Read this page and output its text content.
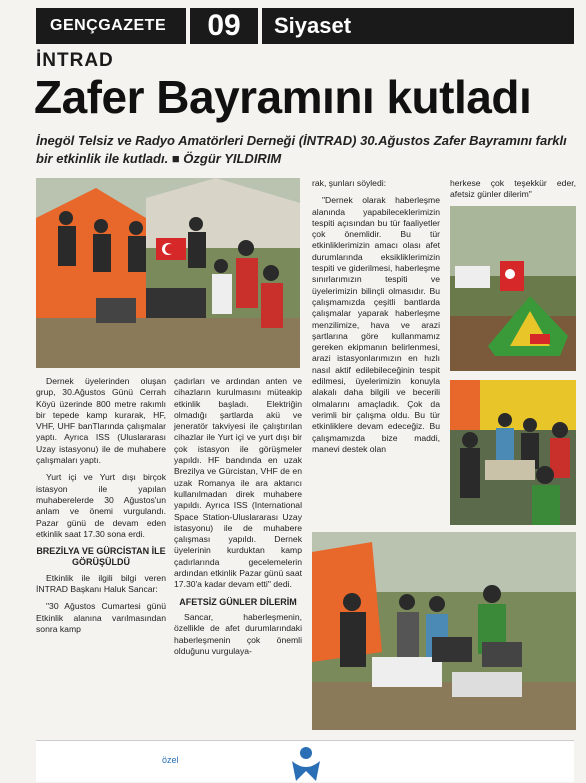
GENÇGAZETE	09	Siyaset
İNTRAD
Zafer Bayramını kutladı
İnegöl Telsiz ve Radyo Amatörleri Derneği (İNTRAD) 30.Ağustos Zafer Bayramını farklı bir etkinlik ile kutladı. ■ Özgür YILDIRIM

Dernek üyelerinden oluşan grup, 30.Ağustos Günü Cerrah Köyü üzerinde 800 metre rakımlı bir tepede kamp kurarak, HF, VHF, UHF banTlarında çalışmalar yaptı. Ayrıca ISS (Uluslararası Uzay istasyonu) ile de muhabere çalışmaları yaptı.

Yurt içi ve Yurt dışı birçok istasyon ile yapılan muhaberelerde 30 Ağustos'un anlam ve önemi vurgulandı. Pazar günü de devam eden etkinlik saat 17.30 sona erdi.

BREZİLYA VE GÜRCİSTAN İLE GÖRÜŞÜLDÜ

Etkinlik ile ilgili bilgi veren İNTRAD Başkanı Haluk Sancar:

"30 Ağustos Cumartesi günü Etkinlik alanına varılmasından sonra kamp

çadırları ve ardından anten ve cihazların kurulmasını müteakip etkinlik başladı. Elektriğin olmadığı şartlarda akü ve jeneratör takviyesi ile çalıştırılan cihazlar ile Yurt içi ve yurt dışı bir çok istasyon ile görüşmeler yapıldı. HF bandında en uzak Brezilya ve Gürcistan, VHF de en uzak Romanya ile ara aktarıcı kullanılmadan direk muhabere yapıldı. Ayrıca ISS (International Space Station-Uluslararası Uzay istasyonu) ile de muhabere çalışması yapıldı. Dernek üyelerinin kurduktan kamp çadırlarında gecelemelerin ardından etkinlik Pazar günü saat 17.30'a kadar devam etti" dedi.

AFETSİZ GÜNLER DİLERİM

Sancar, haberleşmenin, özellikle de afet durumlarındaki haberleşmenin çok önemli olduğunu vurgulaya-

rak, şunları söyledi:

"Dernek olarak haberleşme alanında yapabileceklerimizin tespiti açısından bu tür faaliyetler çok önemlidir. Bu tür etkinliklerimizin amacı olası afet durumlarında eksikliklerimizin tespiti ve giderilmesi, haberleşme sınırlarımızın tespiti ve üyelerimizin bilinçli olmasıdır. Bu çalışmamızda çeşitli bantlarda çalışmalar yaparak haberleşme menzilimize, hava ve arazi şartlarına göre kullanmamız gereken ekipmanın belirlenmesi, arazi istasyonlarımızın en hızlı nasıl aktif edilebileceğinin tespit edilmesi, üyelerimizin konuyla alakalı daha bilgili ve becerili olmalarını amaçladık. Çok da verimli bir çalışma oldu. Bu tür etkinliklere devam edeceğiz. Bu çalışmamızda bize maddi, manevi destek olan

herkese çok teşekkür eder, afetsiz günler dilerim"

özel
